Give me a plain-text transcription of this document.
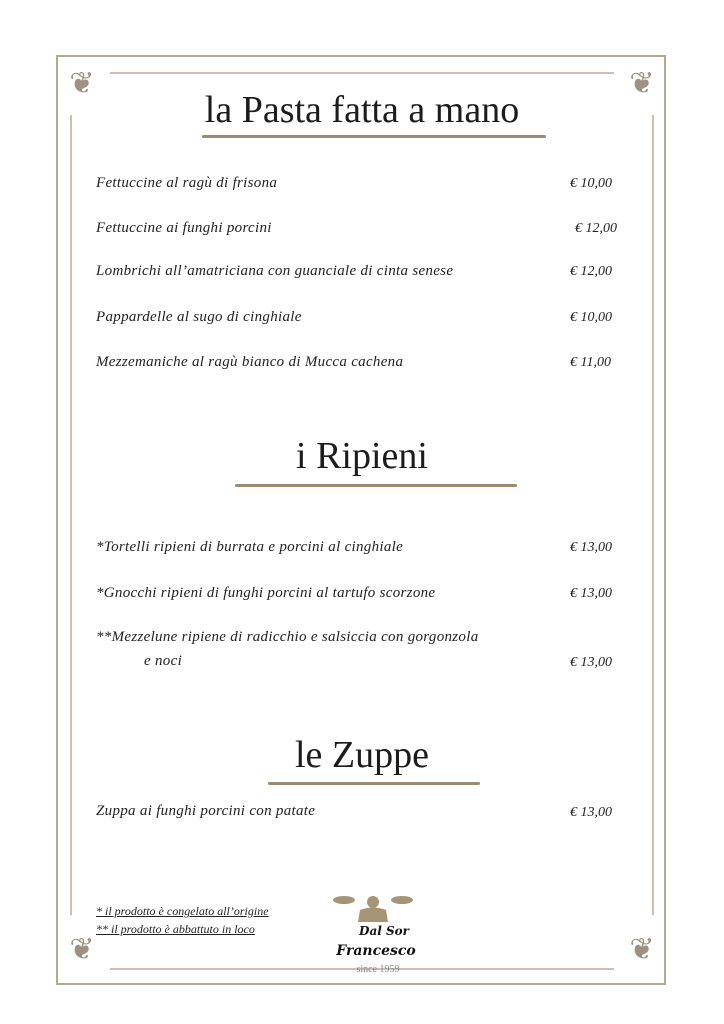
❦	❦
❦	❦
la Pasta fatta a mano
Fettuccine al ragù di frisona	€ 10,00
Fettuccine ai funghi porcini	€ 12,00
Lombrichi all’amatriciana con guanciale di cinta senese	€ 12,00
Pappardelle al sugo di cinghiale	€ 10,00
Mezzemaniche al ragù bianco di Mucca cachena	€ 11,00
i Ripieni
*Tortelli ripieni di burrata e porcini al cinghiale	€ 13,00
*Gnocchi ripieni di funghi porcini al tartufo scorzone	€ 13,00
**Mezzelune ripiene di radicchio e salsiccia con gorgonzola
e noci	€ 13,00
le Zuppe
Zuppa ai funghi porcini con patate	€ 13,00
* il prodotto è congelato all’origine
** il prodotto è abbattuto in loco	Dal Sor
Francesco
since 1959
